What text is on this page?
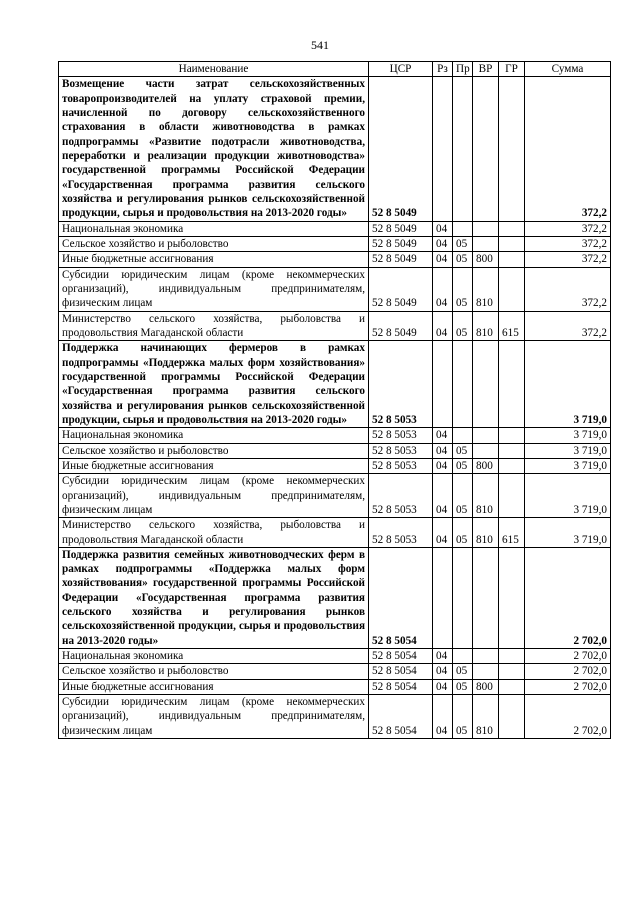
541
Наименование	ЦСР	Рз	Пр	ВР	ГР	Сумма
Возмещение части затрат сельскохозяйственных товаропроизводителей на уплату страховой премии, начисленной по договору сельскохозяйственного страхования в области животноводства в рамках подпрограммы «Развитие подотрасли животноводства, переработки и реализации продукции животноводства» государственной программы Российской Федерации «Государственная программа развития сельского хозяйства и регулирования рынков сельскохозяйственной продукции, сырья и продовольствия на 2013-2020 годы»	52 8 5049					372,2
Национальная экономика	52 8 5049	04				372,2
Сельское хозяйство и рыболовство	52 8 5049	04	05			372,2
Иные бюджетные ассигнования	52 8 5049	04	05	800		372,2
Субсидии юридическим лицам (кроме некоммерческих организаций), индивидуальным предпринимателям, физическим лицам	52 8 5049	04	05	810		372,2
Министерство сельского хозяйства, рыболовства и продовольствия Магаданской области	52 8 5049	04	05	810	615	372,2
Поддержка начинающих фермеров в рамках подпрограммы «Поддержка малых форм хозяйствования» государственной программы Российской Федерации «Государственная программа развития сельского хозяйства и регулирования рынков сельскохозяйственной продукции, сырья и продовольствия на 2013-2020 годы»	52 8 5053					3 719,0
Национальная экономика	52 8 5053	04				3 719,0
Сельское хозяйство и рыболовство	52 8 5053	04	05			3 719,0
Иные бюджетные ассигнования	52 8 5053	04	05	800		3 719,0
Субсидии юридическим лицам (кроме некоммерческих организаций), индивидуальным предпринимателям, физическим лицам	52 8 5053	04	05	810		3 719,0
Министерство сельского хозяйства, рыболовства и продовольствия Магаданской области	52 8 5053	04	05	810	615	3 719,0
Поддержка развития семейных животноводческих ферм в рамках подпрограммы «Поддержка малых форм хозяйствования» государственной программы Российской Федерации «Государственная программа развития сельского хозяйства и регулирования рынков сельскохозяйственной продукции, сырья и продовольствия на 2013-2020 годы»	52 8 5054					2 702,0
Национальная экономика	52 8 5054	04				2 702,0
Сельское хозяйство и рыболовство	52 8 5054	04	05			2 702,0
Иные бюджетные ассигнования	52 8 5054	04	05	800		2 702,0
Субсидии юридическим лицам (кроме некоммерческих организаций), индивидуальным предпринимателям, физическим лицам	52 8 5054	04	05	810		2 702,0
